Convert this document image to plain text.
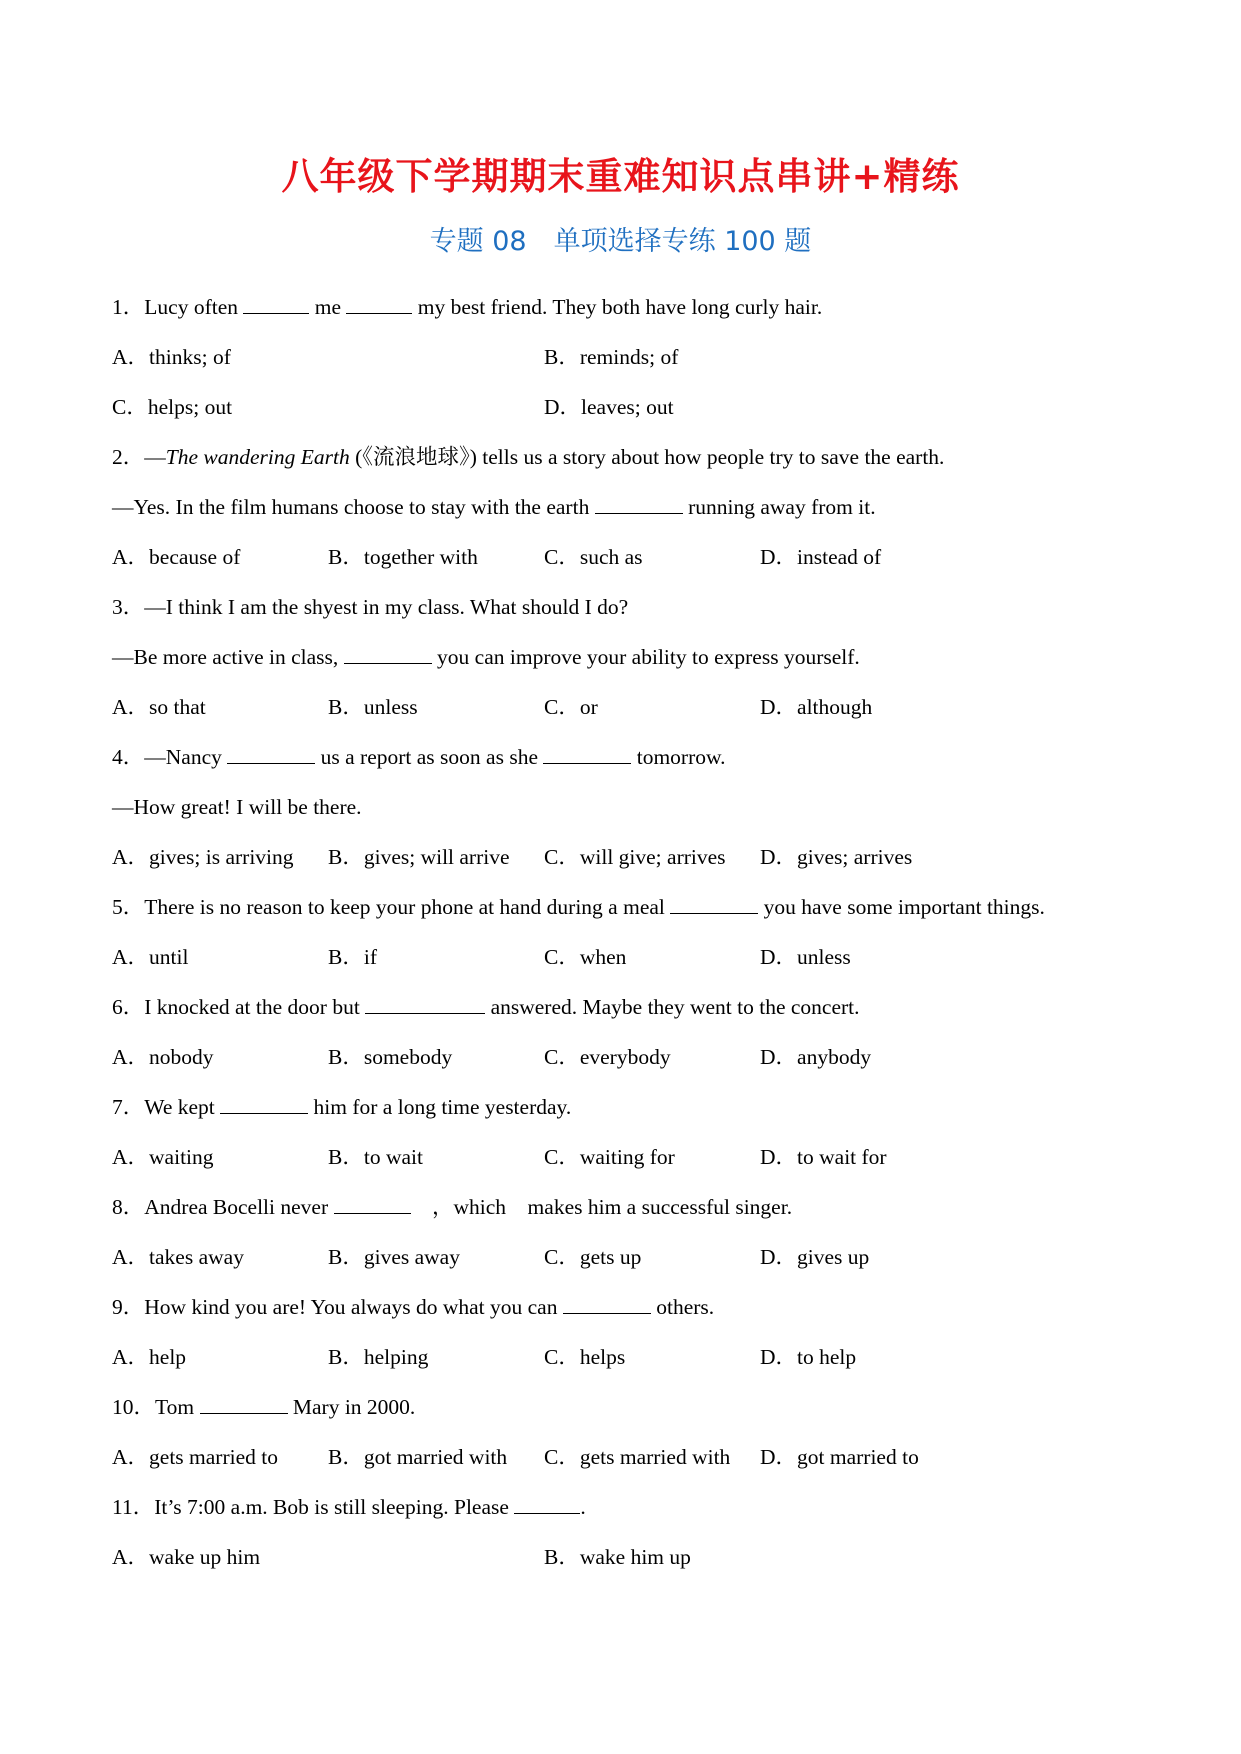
八年级下学期期末重难知识点串讲+精练
专题 08　单项选择专练 100 题
1．Lucy often	me	my best friend. They both have long curly hair.
A．thinks; of	B．reminds; of
C．helps; out	D．leaves; out
2．—The wandering Earth (《流浪地球》) tells us a story about how people try to save the earth.
—Yes. In the film humans choose to stay with the earth	running away from it.
A．because of	B．together with	C．such as	D．instead of
3．—I think I am the shyest in my class. What should I do?
—Be more active in class,	you can improve your ability to express yourself.
A．so that	B．unless	C．or	D．although
4．—Nancy	us a report as soon as she	tomorrow.
—How great! I will be there.
A．gives; is arriving B．gives; will arrive C．will give; arrives D．gives; arrives
5．There is no reason to keep your phone at hand during a meal	you have some important things.
A．until	B．if	C．when	D．unless
6．I knocked at the door but	answered. Maybe they went to the concert.
A．nobody	B．somebody	C．everybody	D．anybody
7．We kept	him for a long time yesterday.
A．waiting	B．to wait	C．waiting for	D．to wait for
8．Andrea Bocelli never	　，which　makes him a successful singer.
A．takes away	B．gives away	C．gets up	D．gives up
9．How kind you are! You always do what you can	others.
A．help	B．helping	C．helps	D．to help
10．Tom	Mary in 2000.
A．gets married to B．got married with C．gets married with D．got married to
11．It’s 7:00 a.m. Bob is still sleeping. Please	.
A．wake up him	B．wake him up
